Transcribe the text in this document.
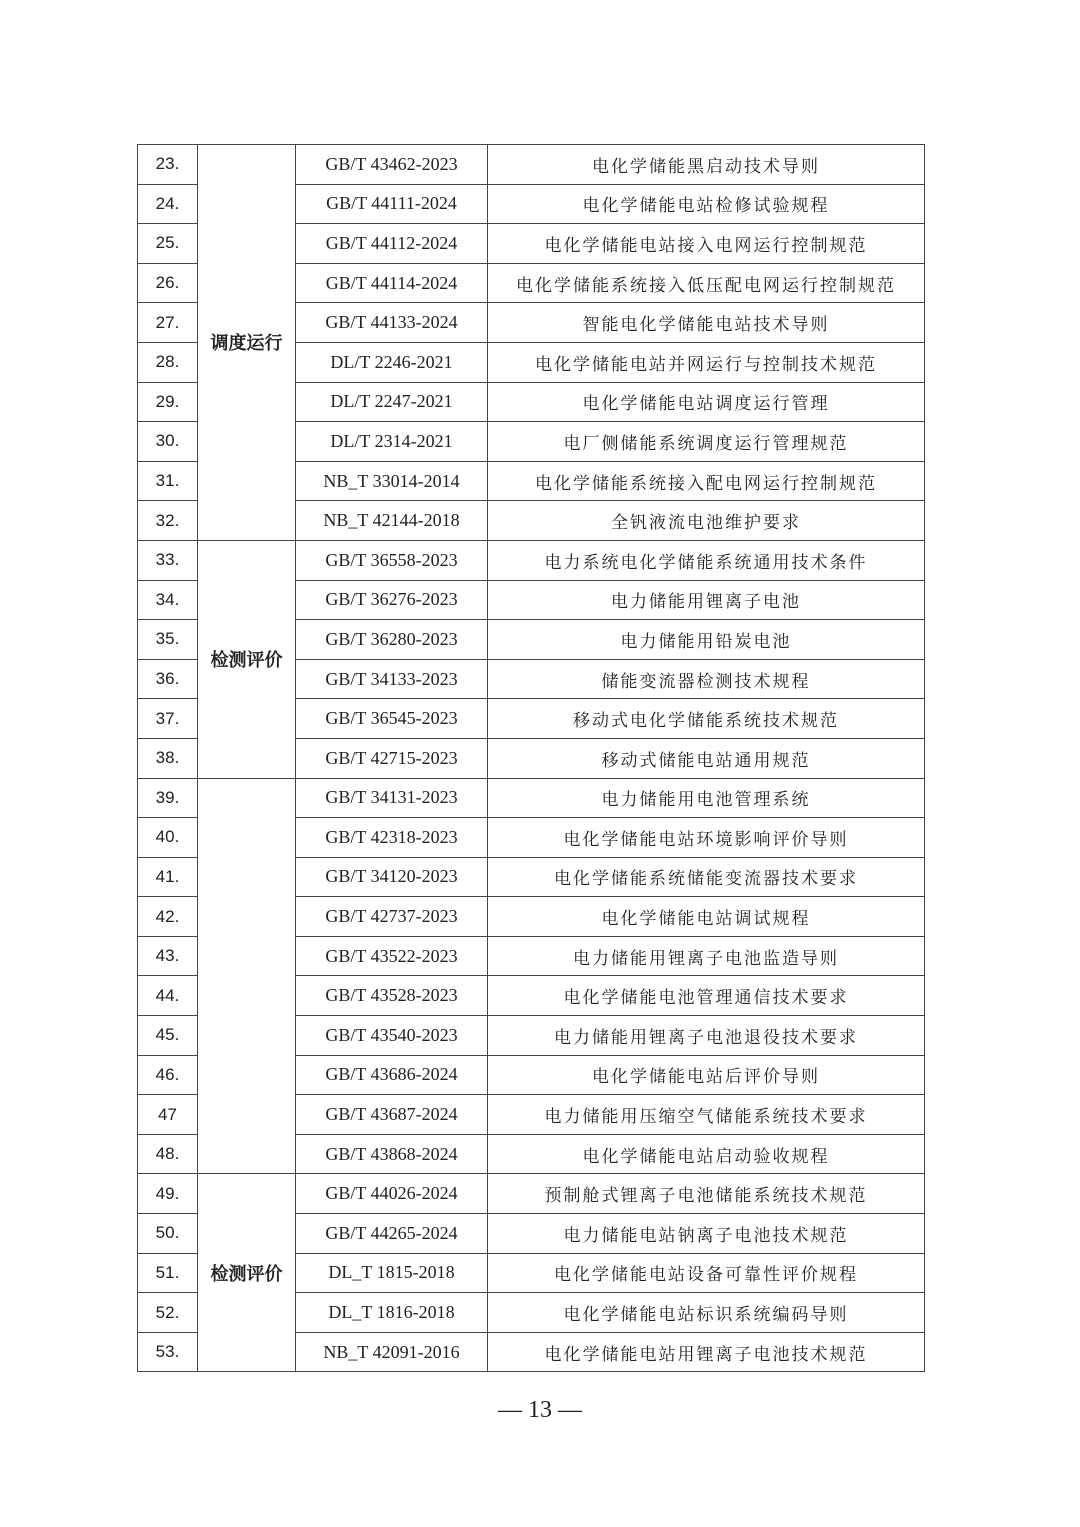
23.	调度运行	GB/T 43462-2023	电化学储能黑启动技术导则
24.		GB/T 44111-2024	电化学储能电站检修试验规程
25.		GB/T 44112-2024	电化学储能电站接入电网运行控制规范
26.		GB/T 44114-2024	电化学储能系统接入低压配电网运行控制规范
27.		GB/T 44133-2024	智能电化学储能电站技术导则
28.		DL/T 2246-2021	电化学储能电站并网运行与控制技术规范
29.		DL/T 2247-2021	电化学储能电站调度运行管理
30.		DL/T 2314-2021	电厂侧储能系统调度运行管理规范
31.		NB_T 33014-2014	电化学储能系统接入配电网运行控制规范
32.		NB_T 42144-2018	全钒液流电池维护要求
33.	检测评价	GB/T 36558-2023	电力系统电化学储能系统通用技术条件
34.		GB/T 36276-2023	电力储能用锂离子电池
35.		GB/T 36280-2023	电力储能用铅炭电池
36.		GB/T 34133-2023	储能变流器检测技术规程
37.		GB/T 36545-2023	移动式电化学储能系统技术规范
38.		GB/T 42715-2023	移动式储能电站通用规范
39.		GB/T 34131-2023	电力储能用电池管理系统
40.		GB/T 42318-2023	电化学储能电站环境影响评价导则
41.		GB/T 34120-2023	电化学储能系统储能变流器技术要求
42.		GB/T 42737-2023	电化学储能电站调试规程
43.		GB/T 43522-2023	电力储能用锂离子电池监造导则
44.		GB/T 43528-2023	电化学储能电池管理通信技术要求
45.		GB/T 43540-2023	电力储能用锂离子电池退役技术要求
46.		GB/T 43686-2024	电化学储能电站后评价导则
47		GB/T 43687-2024	电力储能用压缩空气储能系统技术要求
48.		GB/T 43868-2024	电化学储能电站启动验收规程
49.	检测评价	GB/T 44026-2024	预制舱式锂离子电池储能系统技术规范
50.		GB/T 44265-2024	电力储能电站钠离子电池技术规范
51.		DL_T 1815-2018	电化学储能电站设备可靠性评价规程
52.		DL_T 1816-2018	电化学储能电站标识系统编码导则
53.		NB_T 42091-2016	电化学储能电站用锂离子电池技术规范
— 13 —
